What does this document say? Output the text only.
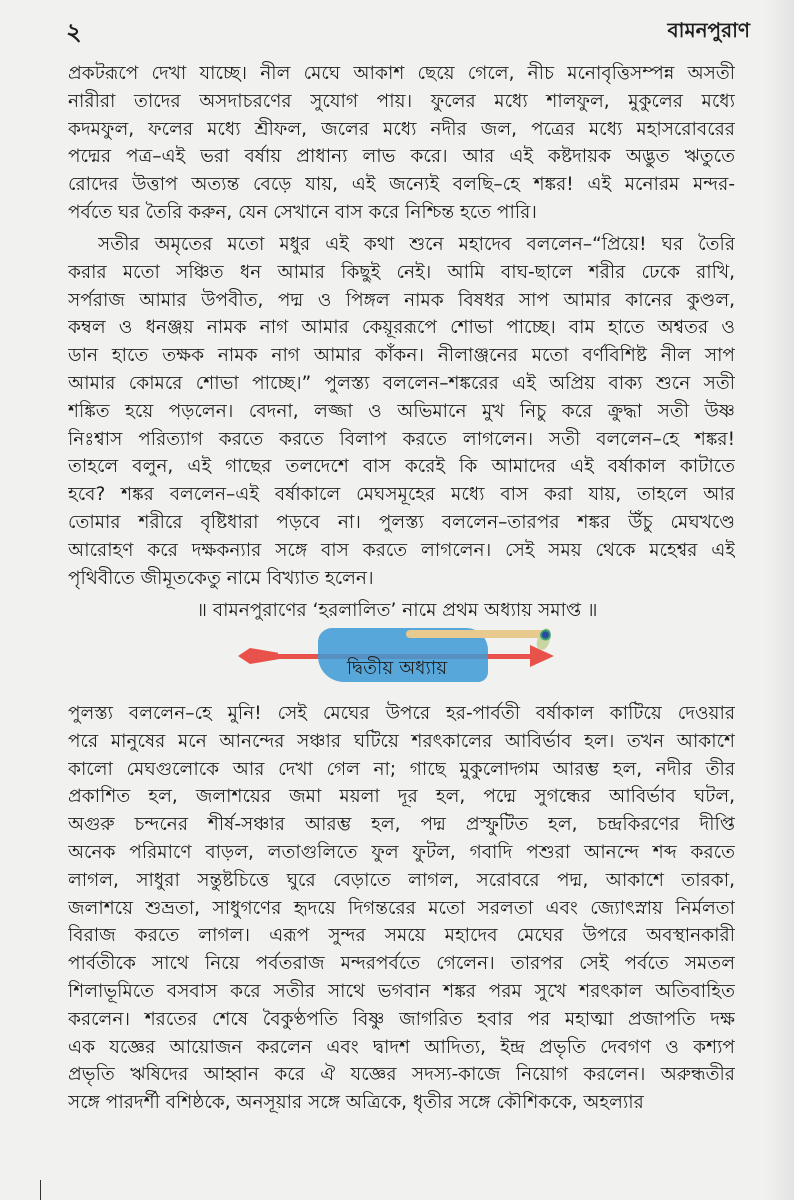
২	বামনপুরাণ
প্রকটরূপে দেখা যাচ্ছে। নীল মেঘে আকাশ ছেয়ে গেলে, নীচ মনোবৃত্তিসম্পন্ন অসতী
নারীরা তাদের অসদাচরণের সুযোগ পায়। ফুলের মধ্যে শালফুল, মুকুলের মধ্যে
কদমফুল, ফলের মধ্যে শ্রীফল, জলের মধ্যে নদীর জল, পত্রের মধ্যে মহাসরোবরের
পদ্মের পত্র–এই ভরা বর্ষায় প্রাধান্য লাভ করে। আর এই কষ্টদায়ক অদ্ভুত ঋতুতে
রোদের উত্তাপ অত্যন্ত বেড়ে যায়, এই জন্যেই বলছি–হে শঙ্কর! এই মনোরম মন্দর-
পর্বতে ঘর তৈরি করুন, যেন সেখানে বাস করে নিশ্চিন্ত হতে পারি।
সতীর অমৃতের মতো মধুর এই কথা শুনে মহাদেব বললেন–“প্রিয়ে! ঘর তৈরি
করার মতো সঞ্চিত ধন আমার কিছুই নেই। আমি বাঘ-ছালে শরীর ঢেকে রাখি,
সর্পরাজ আমার উপবীত, পদ্ম ও পিঙ্গল নামক বিষধর সাপ আমার কানের কুণ্ডল,
কম্বল ও ধনঞ্জয় নামক নাগ আমার কেয়ূররূপে শোভা পাচ্ছে। বাম হাতে অশ্বতর ও
ডান হাতে তক্ষক নামক নাগ আমার কাঁকন। নীলাঞ্জনের মতো বর্ণবিশিষ্ট নীল সাপ
আমার কোমরে শোভা পাচ্ছে।” পুলস্ত্য বললেন–শঙ্করের এই অপ্রিয় বাক্য শুনে সতী
শঙ্কিত হয়ে পড়লেন। বেদনা, লজ্জা ও অভিমানে মুখ নিচু করে ক্রুদ্ধা সতী উষ্ণ
নিঃশ্বাস পরিত্যাগ করতে করতে বিলাপ করতে লাগলেন। সতী বললেন–হে শঙ্কর!
তাহলে বলুন, এই গাছের তলদেশে বাস করেই কি আমাদের এই বর্ষাকাল কাটাতে
হবে? শঙ্কর বললেন–এই বর্ষাকালে মেঘসমূহের মধ্যে বাস করা যায়, তাহলে আর
তোমার শরীরে বৃষ্টিধারা পড়বে না। পুলস্ত্য বললেন–তারপর শঙ্কর উঁচু মেঘখণ্ডে
আরোহণ করে দক্ষকন্যার সঙ্গে বাস করতে লাগলেন। সেই সময় থেকে মহেশ্বর এই
পৃথিবীতে জীমূতকেতু নামে বিখ্যাত হলেন।
॥ বামনপুরাণের ‘হরলালিত’ নামে প্রথম অধ্যায় সমাপ্ত ॥
দ্বিতীয় অধ্যায়
পুলস্ত্য বললেন–হে মুনি! সেই মেঘের উপরে হর-পার্বতী বর্ষাকাল কাটিয়ে দেওয়ার
পরে মানুষের মনে আনন্দের সঞ্চার ঘটিয়ে শরৎকালের আবির্ভাব হল। তখন আকাশে
কালো মেঘগুলোকে আর দেখা গেল না; গাছে মুকুলোদ্গম আরম্ভ হল, নদীর তীর
প্রকাশিত হল, জলাশয়ের জমা ময়লা দূর হল, পদ্মে সুগন্ধের আবির্ভাব ঘটল,
অগুরু চন্দনের শীর্ষ-সঞ্চার আরম্ভ হল, পদ্ম প্রস্ফুটিত হল, চন্দ্রকিরণের দীপ্তি
অনেক পরিমাণে বাড়ল, লতাগুলিতে ফুল ফুটল, গবাদি পশুরা আনন্দে শব্দ করতে
লাগল, সাধুরা সন্তুষ্টচিত্তে ঘুরে বেড়াতে লাগল, সরোবরে পদ্ম, আকাশে তারকা,
জলাশয়ে শুভ্রতা, সাধুগণের হৃদয়ে দিগন্তরের মতো সরলতা এবং জ্যোৎস্নায় নির্মলতা
বিরাজ করতে লাগল। এরূপ সুন্দর সময়ে মহাদেব মেঘের উপরে অবস্থানকারী
পার্বতীকে সাথে নিয়ে পর্বতরাজ মন্দরপর্বতে গেলেন। তারপর সেই পর্বতে সমতল
শিলাভূমিতে বসবাস করে সতীর সাথে ভগবান শঙ্কর পরম সুখে শরৎকাল অতিবাহিত
করলেন। শরতের শেষে বৈকুণ্ঠপতি বিষ্ণু জাগরিত হবার পর মহাত্মা প্রজাপতি দক্ষ
এক যজ্ঞের আয়োজন করলেন এবং দ্বাদশ আদিত্য, ইন্দ্র প্রভৃতি দেবগণ ও কশ্যপ
প্রভৃতি ঋষিদের আহ্বান করে ঐ যজ্ঞের সদস্য-কাজে নিয়োগ করলেন। অরুন্ধতীর
সঙ্গে পারদর্শী বশিষ্ঠকে, অনসূয়ার সঙ্গে অত্রিকে, ধৃতীর সঙ্গে কৌশিককে, অহল্যার
